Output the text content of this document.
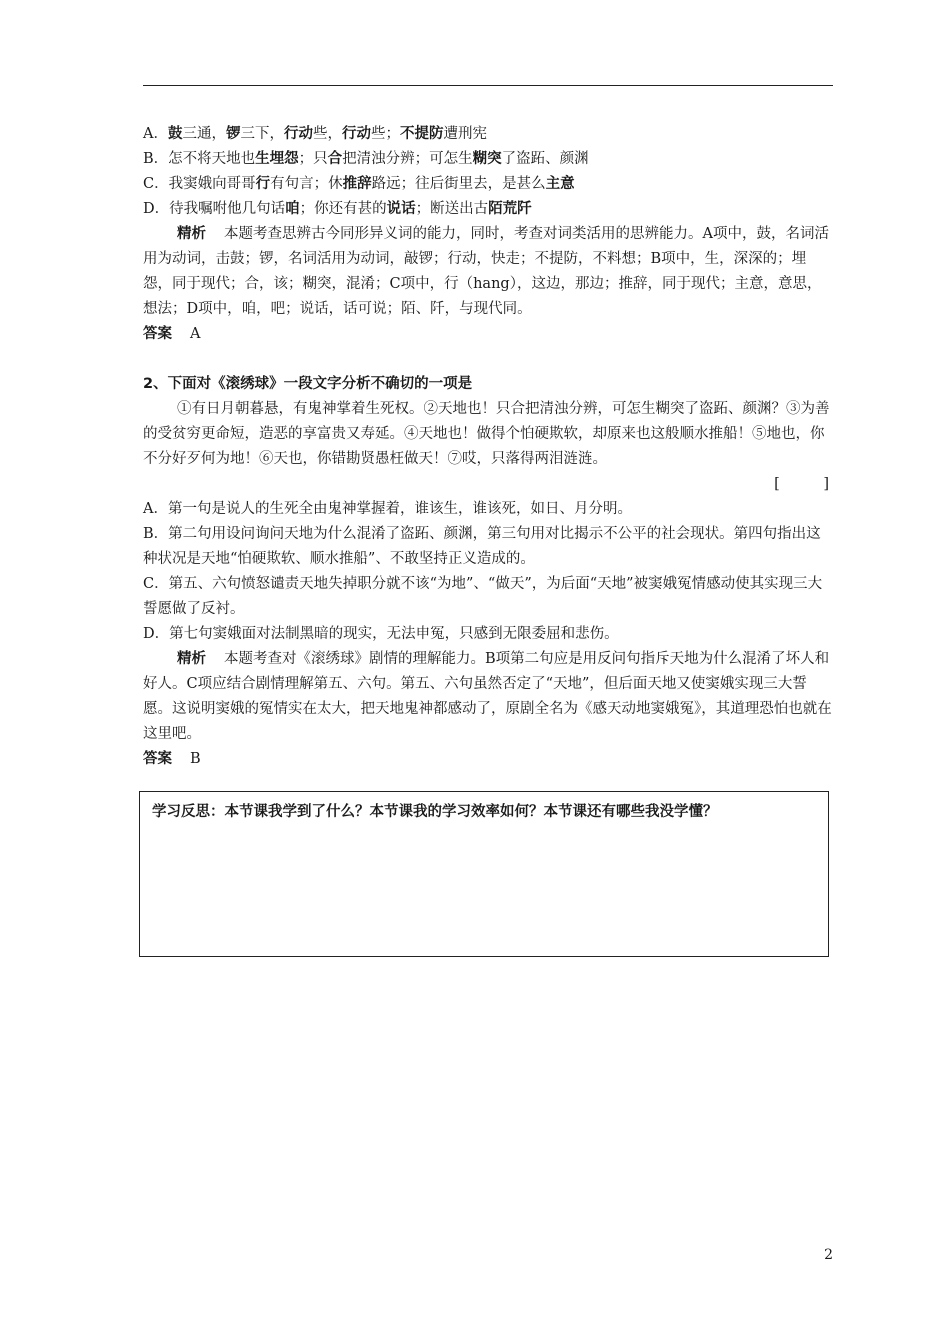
A．鼓三通，锣三下，行动些，行动些；不提防遭刑宪

B．怎不将天地也生埋怨；只合把清浊分辨；可怎生糊突了盗跖、颜渊

C．我窦娥向哥哥行有句言；休推辞路远；往后街里去，是甚么主意

D．待我嘱咐他几句话咱；你还有甚的说话；断送出古陌荒阡

精析 本题考查思辨古今同形异义词的能力，同时，考查对词类活用的思辨能力。A项中，鼓，名词活用为动词，击鼓；锣，名词活用为动词，敲锣；行动，快走；不提防，不料想；B项中，生，深深的；埋怨，同于现代；合，该；糊突，混淆；C项中，行（hang），这边，那边；推辞，同于现代；主意，意思，想法；D项中，咱，吧；说话，话可说；陌、阡，与现代同。

答案 A

2、下面对《滚绣球》一段文字分析不确切的一项是

①有日月朝暮悬，有鬼神掌着生死权。②天地也！只合把清浊分辨，可怎生糊突了盗跖、颜渊？③为善的受贫穷更命短，造恶的享富贵又寿延。④天地也！做得个怕硬欺软，却原来也这般顺水推船！⑤地也，你不分好歹何为地！⑥天也，你错勘贤愚枉做天！⑦哎，只落得两泪涟涟。

[　　　]

A．第一句是说人的生死全由鬼神掌握着，谁该生，谁该死，如日、月分明。

B．第二句用设问询问天地为什么混淆了盗跖、颜渊，第三句用对比揭示不公平的社会现状。第四句指出这种状况是天地“怕硬欺软、顺水推船”、不敢坚持正义造成的。

C．第五、六句愤怒谴责天地失掉职分就不该“为地”、“做天”，为后面“天地”被窦娥冤情感动使其实现三大誓愿做了反衬。

D．第七句窦娥面对法制黑暗的现实，无法申冤，只感到无限委屈和悲伤。

精析 本题考查对《滚绣球》剧情的理解能力。B项第二句应是用反问句指斥天地为什么混淆了坏人和好人。C项应结合剧情理解第五、六句。第五、六句虽然否定了“天地”，但后面天地又使窦娥实现三大誓愿。这说明窦娥的冤情实在太大，把天地鬼神都感动了，原剧全名为《感天动地窦娥冤》，其道理恐怕也就在这里吧。

答案 B

学习反思：本节课我学到了什么？本节课我的学习效率如何？本节课还有哪些我没学懂？
2
